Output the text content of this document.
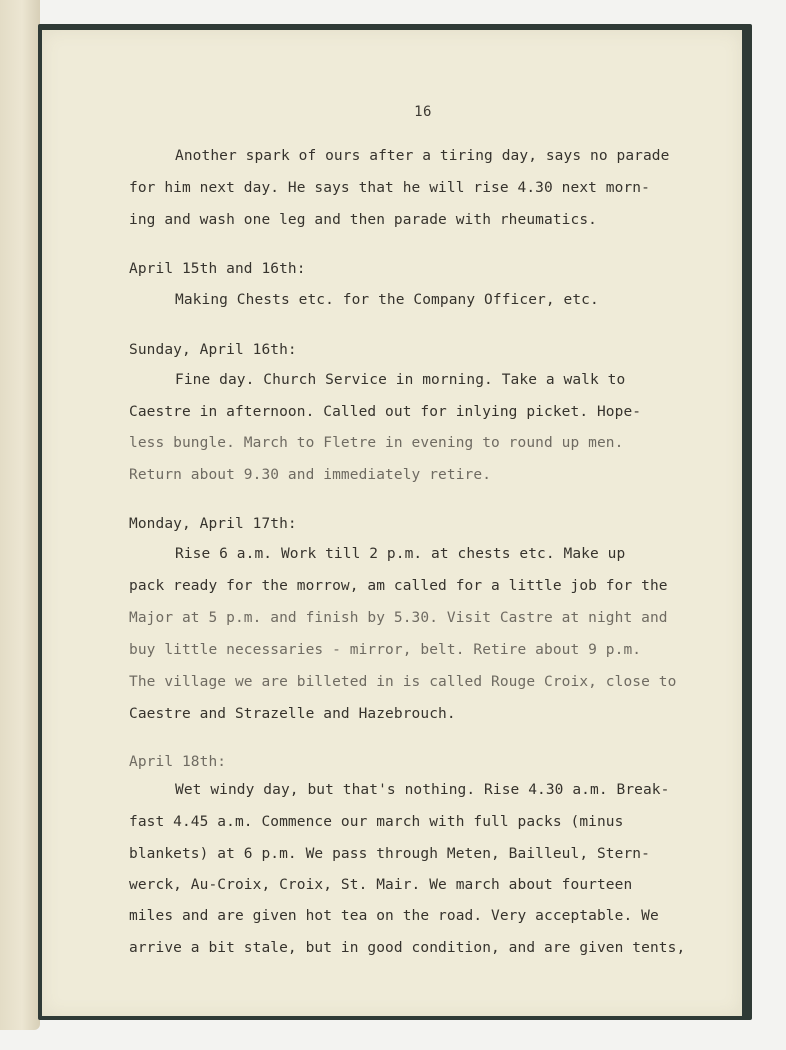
16
Another spark of ours after a tiring day, says no parade
for him next day. He says that he will rise 4.30 next morn-
ing and wash one leg and then parade with rheumatics.
April 15th and 16th:
Making Chests etc. for the Company Officer, etc.
Sunday, April 16th:
Fine day. Church Service in morning. Take a walk to
Caestre in afternoon. Called out for inlying picket. Hope-
less bungle. March to Fletre in evening to round up men.
Return about 9.30 and immediately retire.
Monday, April 17th:
Rise 6 a.m. Work till 2 p.m. at chests etc. Make up
pack ready for the morrow, am called for a little job for the
Major at 5 p.m. and finish by 5.30. Visit Castre at night and
buy little necessaries - mirror, belt. Retire about 9 p.m.
The village we are billeted in is called Rouge Croix, close to
Caestre and Strazelle and Hazebrouch.
April 18th:
Wet windy day, but that's nothing. Rise 4.30 a.m. Break-
fast 4.45 a.m. Commence our march with full packs (minus
blankets) at 6 p.m. We pass through Meten, Bailleul, Stern-
werck, Au-Croix, Croix, St. Mair. We march about fourteen
miles and are given hot tea on the road. Very acceptable. We
arrive a bit stale, but in good condition, and are given tents,
